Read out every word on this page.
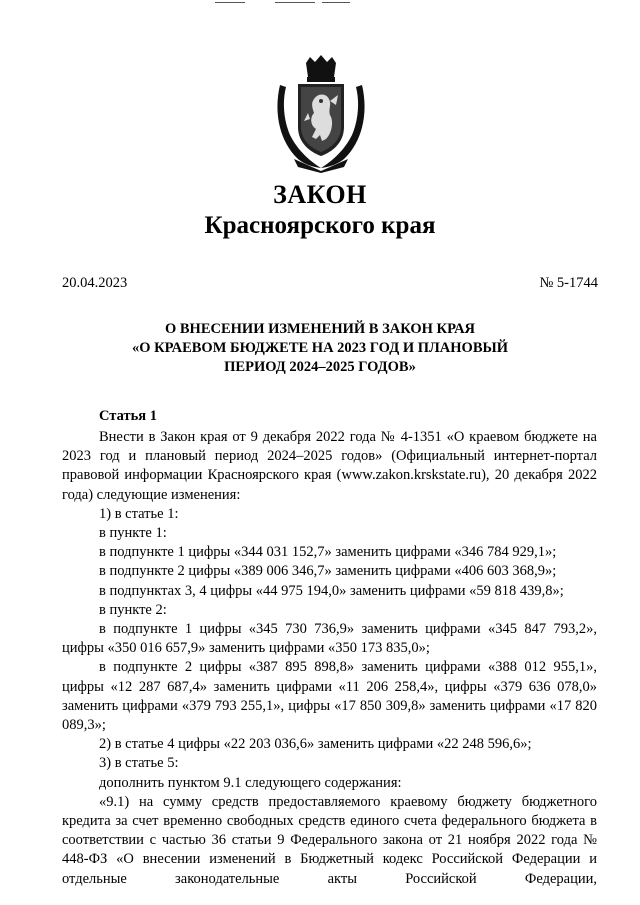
ЗАКОН
Красноярского края
20.04.2023	№ 5-1744
О ВНЕСЕНИИ ИЗМЕНЕНИЙ В ЗАКОН КРАЯ
«О КРАЕВОМ БЮДЖЕТЕ НА 2023 ГОД И ПЛАНОВЫЙ
ПЕРИОД 2024–2025 ГОДОВ»
Статья 1

Внести в Закон края от 9 декабря 2022 года № 4-1351 «О краевом бюджете на 2023 год и плановый период 2024–2025 годов» (Официальный интернет-портал правовой информации Красноярского края (www.zakon.krskstate.ru), 20 декабря 2022 года) следующие изменения:

1) в статье 1:

в пункте 1:

в подпункте 1 цифры «344 031 152,7» заменить цифрами «346 784 929,1»;

в подпункте 2 цифры «389 006 346,7» заменить цифрами «406 603 368,9»;

в подпунктах 3, 4 цифры «44 975 194,0» заменить цифрами «59 818 439,8»;

в пункте 2:

в подпункте 1 цифры «345 730 736,9» заменить цифрами «345 847 793,2», цифры «350 016 657,9» заменить цифрами «350 173 835,0»;

в подпункте 2 цифры «387 895 898,8» заменить цифрами «388 012 955,1», цифры «12 287 687,4» заменить цифрами «11 206 258,4», цифры «379 636 078,0» заменить цифрами «379 793 255,1», цифры «17 850 309,8» заменить цифрами «17 820 089,3»;

2) в статье 4 цифры «22 203 036,6» заменить цифрами «22 248 596,6»;

3) в статье 5:

дополнить пунктом 9.1 следующего содержания:

«9.1) на сумму средств предоставляемого краевому бюджету бюджетного кредита за счет временно свободных средств единого счета федерального бюджета в соответствии с частью 36 статьи 9 Федерального закона от 21 ноября 2022 года № 448-ФЗ «О внесении изменений в Бюджетный кодекс Российской Федерации и отдельные законодательные акты Российской Федерации,
